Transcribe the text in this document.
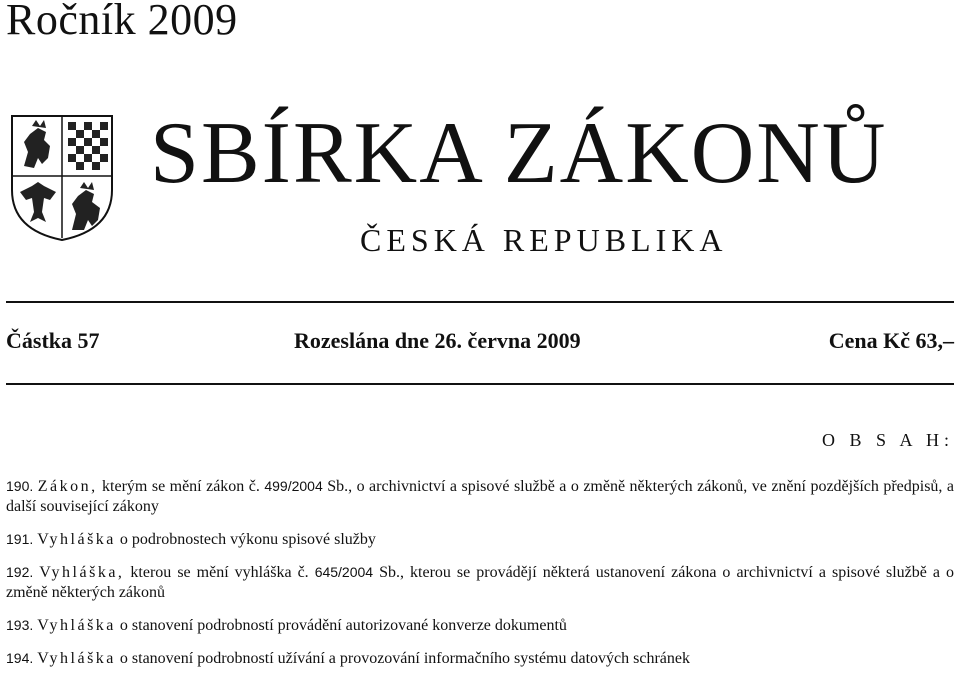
Ročník 2009
SBÍRKA ZÁKONŮ
ČESKÁ REPUBLIKA
Částka 57	Rozeslána dne 26. června 2009	Cena Kč 63,–
O B S A H:
190. Zákon, kterým se mění zákon č. 499/2004 Sb., o archivnictví a spisové službě a o změně některých zákonů, ve znění pozdějších předpisů, a další související zákony
191. Vyhláška o podrobnostech výkonu spisové služby
192. Vyhláška, kterou se mění vyhláška č. 645/2004 Sb., kterou se provádějí některá ustanovení zákona o archivnictví a spisové službě a o změně některých zákonů
193. Vyhláška o stanovení podrobností provádění autorizované konverze dokumentů
194. Vyhláška o stanovení podrobností užívání a provozování informačního systému datových schránek
